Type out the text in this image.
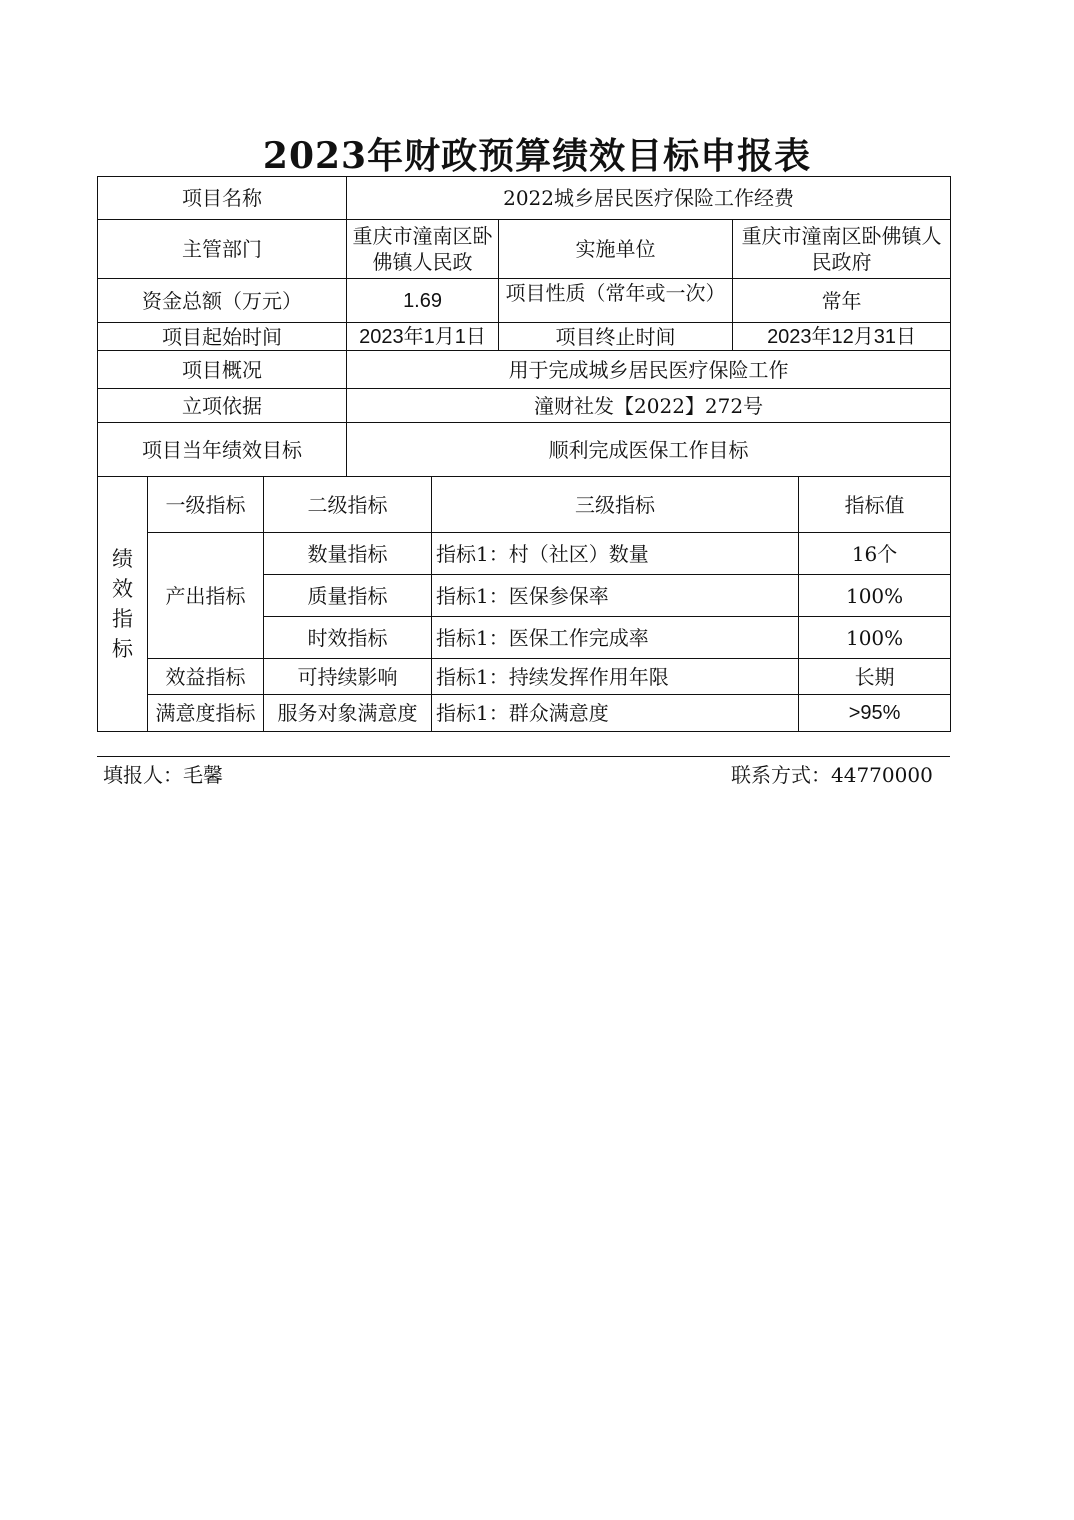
2023年财政预算绩效目标申报表
项目名称			2022城乡居民医疗保险工作经费				
主管部门			重庆市潼南区卧佛镇人民政		实施单位	重庆市潼南区卧佛镇人民政府	
资金总额（万元）			1.69		项目性质（常年或一次）	常年	
项目起始时间			2023年1月1日		项目终止时间	2023年12月31日	
项目概况			用于完成城乡居民医疗保险工作				
立项依据			潼财社发【2022】272号				
项目当年绩效目标			顺利完成医保工作目标				
绩效指标	一级指标	二级指标		三级指标			指标值
	产出指标	数量指标		指标1：村（社区）数量			16个
		质量指标		指标1：医保参保率			100%
		时效指标		指标1：医保工作完成率			100%
	效益指标	可持续影响		指标1：持续发挥作用年限			长期
	满意度指标	服务对象满意度		指标1：群众满意度			>95%
填报人：毛馨	联系方式：44770000
